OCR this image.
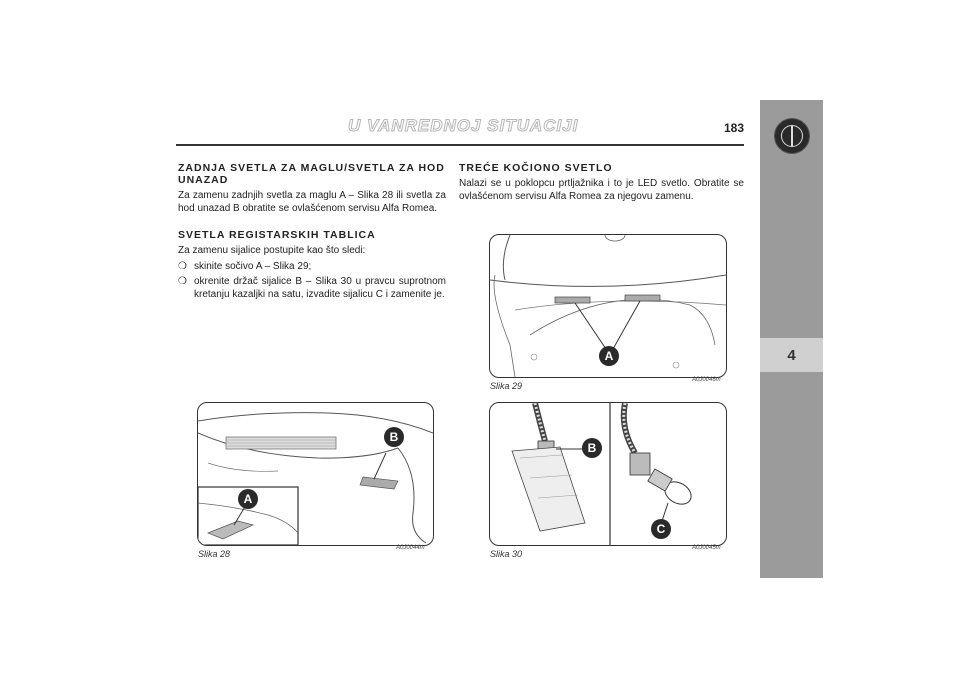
U VANREDNOJ SITUACIJI	183
4
ZADNJA SVETLA ZA MAGLU/SVETLA ZA HOD UNAZAD

Za zamenu zadnjih svetla za maglu A – Slika 28 ili svetla za hod unazad B obratite se ovlašćenom servisu Alfa Romea.

SVETLA REGISTARSKIH TABLICA

Za zamenu sijalice postupite kao što sledi:

❍ skinite sočivo A – Slika 29;
❍ okrenite držač sijalice B – Slika 30 u pravcu suprotnom kretanju kazaljki na satu, izvadite sijalicu C i zamenite je.
TREĆE KOČIONO SVETLO

Nalazi se u poklopcu prtljažnika i to je LED svetlo. Obratite se ovlašćenom servisu Alfa Romea za njegovu zamenu.

B
A
Slika 28
A0J0044m
A
Slika 29
A0J0046m
B
C
Slika 30
A0J0045m
